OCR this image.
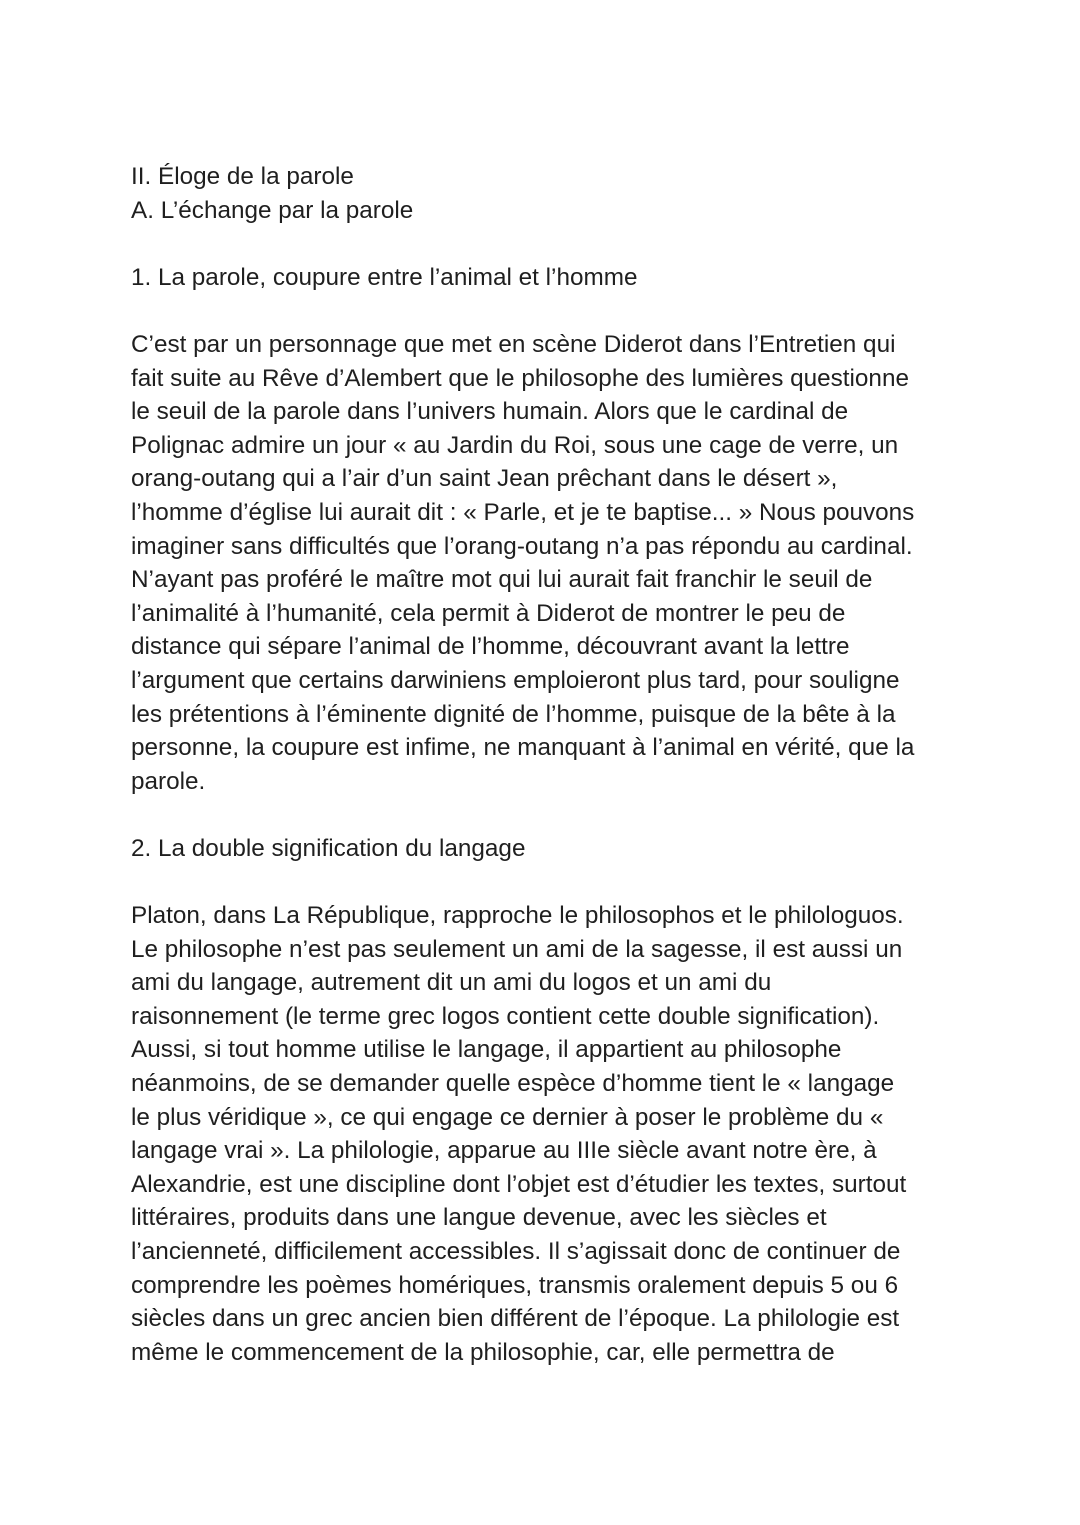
II. Éloge de la parole

A. L’échange par la parole

1. La parole, coupure entre l’animal et l’homme

C’est par un personnage que met en scène Diderot dans l’Entretien qui
fait suite au Rêve d’Alembert que le philosophe des lumières questionne
le seuil de la parole dans l’univers humain. Alors que le cardinal de
Polignac admire un jour « au Jardin du Roi, sous une cage de verre, un
orang-outang qui a l’air d’un saint Jean prêchant dans le désert »,
l’homme d’église lui aurait dit : « Parle, et je te baptise... » Nous pouvons
imaginer sans difficultés que l’orang-outang n’a pas répondu au cardinal.
N’ayant pas proféré le maître mot qui lui aurait fait franchir le seuil de
l’animalité à l’humanité, cela permit à Diderot de montrer le peu de
distance qui sépare l’animal de l’homme, découvrant avant la lettre
l’argument que certains darwiniens emploieront plus tard, pour souligne
les prétentions à l’éminente dignité de l’homme, puisque de la bête à la
personne, la coupure est infime, ne manquant à l’animal en vérité, que la
parole.

2. La double signification du langage

Platon, dans La République, rapproche le philosophos et le philologuos.
Le philosophe n’est pas seulement un ami de la sagesse, il est aussi un
ami du langage, autrement dit un ami du logos et un ami du
raisonnement (le terme grec logos contient cette double signification).
Aussi, si tout homme utilise le langage, il appartient au philosophe
néanmoins, de se demander quelle espèce d’homme tient le « langage
le plus véridique », ce qui engage ce dernier à poser le problème du «
langage vrai ». La philologie, apparue au IIIe siècle avant notre ère, à
Alexandrie, est une discipline dont l’objet est d’étudier les textes, surtout
littéraires, produits dans une langue devenue, avec les siècles et
l’ancienneté, difficilement accessibles. Il s’agissait donc de continuer de
comprendre les poèmes homériques, transmis oralement depuis 5 ou 6
siècles dans un grec ancien bien différent de l’époque. La philologie est
même le commencement de la philosophie, car, elle permettra de
